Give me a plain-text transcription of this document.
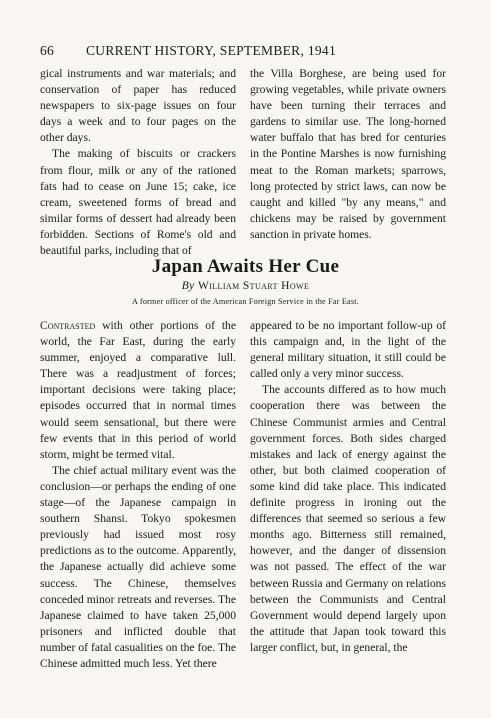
66 CURRENT HISTORY, SEPTEMBER, 1941

gical instruments and war materials; and conservation of paper has reduced newspapers to six-page issues on four days a week and to four pages on the other days.

The making of biscuits or crackers from flour, milk or any of the rationed fats had to cease on June 15; cake, ice cream, sweetened forms of bread and similar forms of dessert had already been forbidden. Sections of Rome's old and beautiful parks, including that of

the Villa Borghese, are being used for growing vegetables, while private owners have been turning their terraces and gardens to similar use. The long-horned water buffalo that has bred for centuries in the Pontine Marshes is now furnishing meat to the Roman markets; sparrows, long protected by strict laws, can now be caught and killed "by any means," and chickens may be raised by government sanction in private homes.

Japan Awaits Her Cue
By William Stuart Howe
A former officer of the American Foreign Service in the Far East.

Contrasted with other portions of the world, the Far East, during the early summer, enjoyed a comparative lull. There was a readjustment of forces; important decisions were taking place; episodes occurred that in normal times would seem sensational, but there were few events that in this period of world storm, might be termed vital.

The chief actual military event was the conclusion—or perhaps the ending of one stage—of the Japanese campaign in southern Shansi. Tokyo spokesmen previously had issued most rosy predictions as to the outcome. Apparently, the Japanese actually did achieve some success. The Chinese, themselves conceded minor retreats and reverses. The Japanese claimed to have taken 25,000 prisoners and inflicted double that number of fatal casualities on the foe. The Chinese admitted much less. Yet there

appeared to be no important follow-up of this campaign and, in the light of the general military situation, it still could be called only a very minor success.

The accounts differed as to how much cooperation there was between the Chinese Communist armies and Central government forces. Both sides charged mistakes and lack of energy against the other, but both claimed cooperation of some kind did take place. This indicated definite progress in ironing out the differences that seemed so serious a few months ago. Bitterness still remained, however, and the danger of dissension was not passed. The effect of the war between Russia and Germany on relations between the Communists and Central Government would depend largely upon the attitude that Japan took toward this larger conflict, but, in general, the
